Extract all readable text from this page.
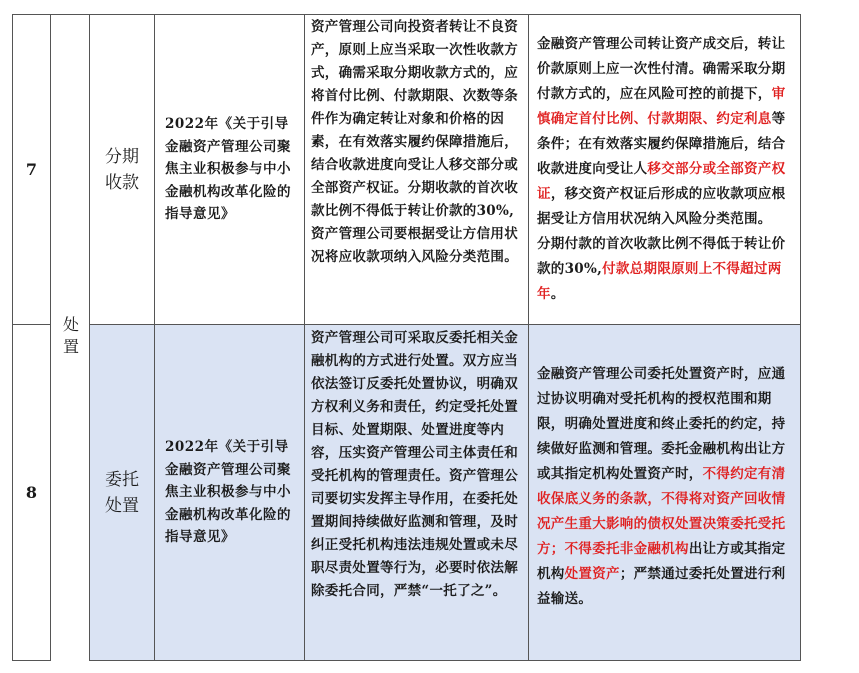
7
处置
分期
收款
2022年《关于引导金融资产管理公司聚焦主业积极参与中小金融机构改革化险的指导意见》
资产管理公司向投资者转让不良资产，原则上应当采取一次性收款方式，确需采取分期收款方式的，应将首付比例、付款期限、次数等条件作为确定转让对象和价格的因素，在有效落实履约保障措施后，结合收款进度向受让人移交部分或全部资产权证。分期收款的首次收款比例不得低于转让价款的30%,资产管理公司要根据受让方信用状况将应收款项纳入风险分类范围。
金融资产管理公司转让资产成交后，转让价款原则上应一次性付清。确需采取分期付款方式的，应在风险可控的前提下，审慎确定首付比例、付款期限、约定利息等条件；在有效落实履约保障措施后，结合收款进度向受让人移交部分或全部资产权证，移交资产权证后形成的应收款项应根据受让方信用状况纳入风险分类范围。
分期付款的首次收款比例不得低于转让价款的30%,付款总期限原则上不得超过两年。
8
委托
处置
2022年《关于引导金融资产管理公司聚焦主业积极参与中小金融机构改革化险的指导意见》
资产管理公司可采取反委托相关金融机构的方式进行处置。双方应当依法签订反委托处置协议，明确双方权利义务和责任，约定受托处置目标、处置期限、处置进度等内容，压实资产管理公司主体责任和受托机构的管理责任。资产管理公司要切实发挥主导作用，在委托处置期间持续做好监测和管理，及时纠正受托机构违法违规处置或未尽职尽责处置等行为，必要时依法解除委托合同，严禁“一托了之”。
金融资产管理公司委托处置资产时，应通过协议明确对受托机构的授权范围和期限，明确处置进度和终止委托的约定，持续做好监测和管理。委托金融机构出让方或其指定机构处置资产时，不得约定有清收保底义务的条款，不得将对资产回收情况产生重大影响的债权处置决策委托受托方；不得委托非金融机构出让方或其指定机构处置资产；严禁通过委托处置进行利益输送。
